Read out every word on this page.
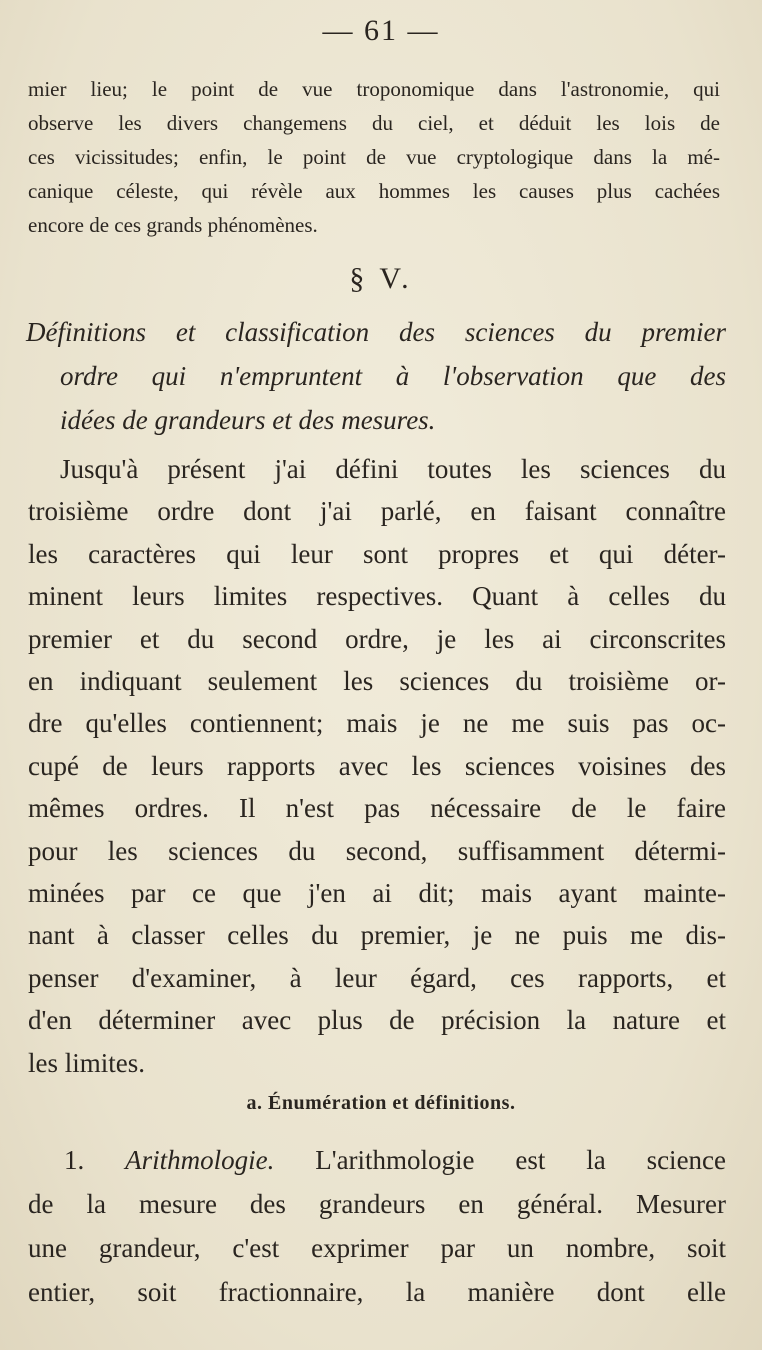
— 61 —
mier lieu; le point de vue troponomique dans l'astronomie, qui
observe les divers changemens du ciel, et déduit les lois de
ces vicissitudes; enfin, le point de vue cryptologique dans la mé-
canique céleste, qui révèle aux hommes les causes plus cachées
encore de ces grands phénomènes.
§ V.
Définitions et classification des sciences du premier
ordre qui n'empruntent à l'observation que des
idées de grandeurs et des mesures.
Jusqu'à présent j'ai défini toutes les sciences du
troisième ordre dont j'ai parlé, en faisant connaître
les caractères qui leur sont propres et qui déter-
minent leurs limites respectives. Quant à celles du
premier et du second ordre, je les ai circonscrites
en indiquant seulement les sciences du troisième or-
dre qu'elles contiennent; mais je ne me suis pas oc-
cupé de leurs rapports avec les sciences voisines des
mêmes ordres. Il n'est pas nécessaire de le faire
pour les sciences du second, suffisamment détermi-
minées par ce que j'en ai dit; mais ayant mainte-
nant à classer celles du premier, je ne puis me dis-
penser d'examiner, à leur égard, ces rapports, et
d'en déterminer avec plus de précision la nature et
les limites.
a. Énumération et définitions.
1. Arithmologie. L'arithmologie est la science
de la mesure des grandeurs en général. Mesurer
une grandeur, c'est exprimer par un nombre, soit
entier, soit fractionnaire, la manière dont elle
